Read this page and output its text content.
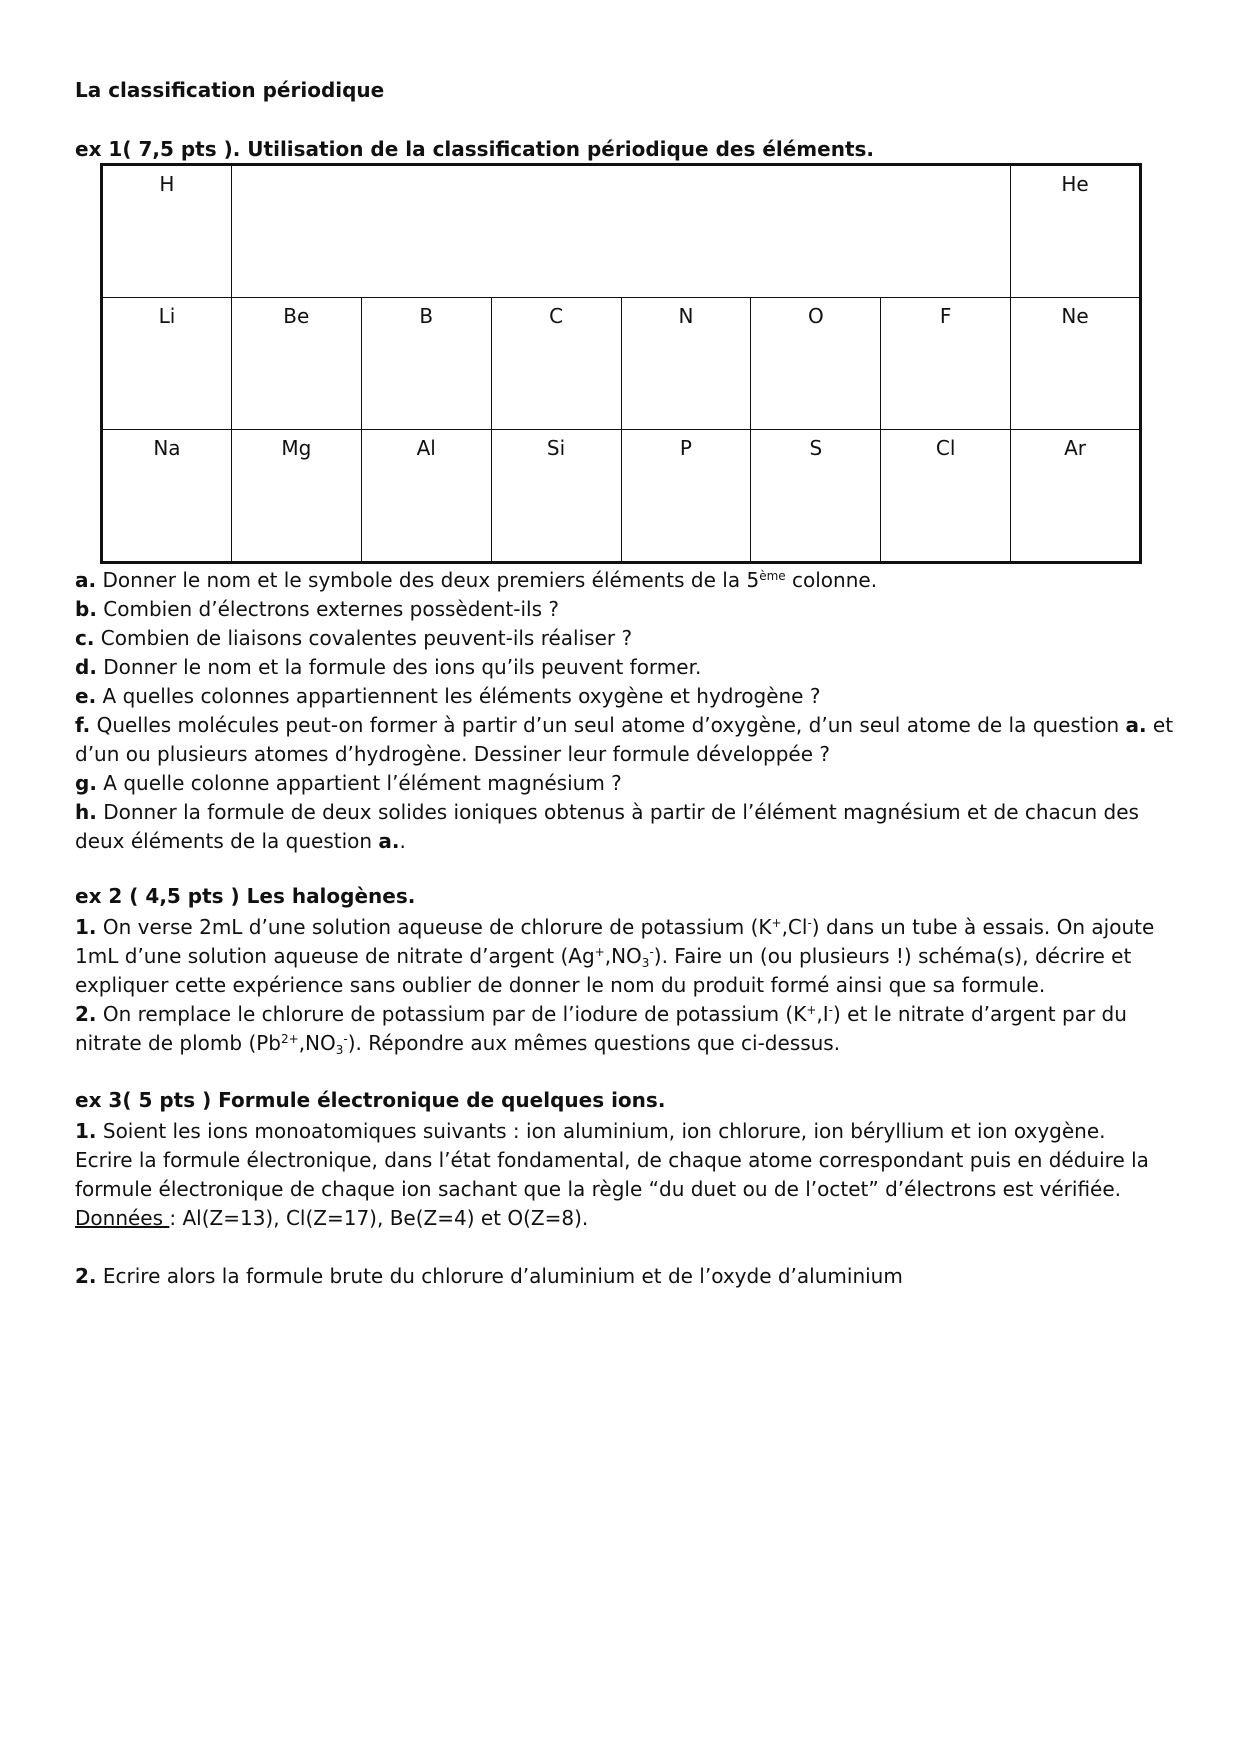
La classification périodique
ex 1( 7,5 pts ). Utilisation de la classification périodique des éléments.
H							He
Li	Be	B	C	N	O	F	Ne
Na	Mg	Al	Si	P	S	Cl	Ar

a. Donner le nom et le symbole des deux premiers éléments de la 5ème colonne.

b. Combien d’électrons externes possèdent-ils ?

c. Combien de liaisons covalentes peuvent-ils réaliser ?

d. Donner le nom et la formule des ions qu’ils peuvent former.

e. A quelles colonnes appartiennent les éléments oxygène et hydrogène ?

f. Quelles molécules peut-on former à partir d’un seul atome d’oxygène, d’un seul atome de la question a. et d’un ou plusieurs atomes d’hydrogène. Dessiner leur formule développée ?

g. A quelle colonne appartient l’élément magnésium ?

h. Donner la formule de deux solides ioniques obtenus à partir de l’élément magnésium et de chacun des deux éléments de la question a..

ex 2 ( 4,5 pts ) Les halogènes.

1. On verse 2mL d’une solution aqueuse de chlorure de potassium (K+,Cl-) dans un tube à essais. On ajoute 1mL d’une solution aqueuse de nitrate d’argent $(Ag^+,NO_3^-)$. Faire un (ou plusieurs !) schéma(s), décrire et expliquer cette expérience sans oublier de donner le nom du produit formé ainsi que sa formule.

2. On remplace le chlorure de potassium par de l’iodure de potassium (K+,I-) et le nitrate d’argent par du nitrate de plomb $(Pb^{2+},NO_3^-)$. Répondre aux mêmes questions que ci-dessus.

ex 3( 5 pts ) Formule électronique de quelques ions.

1. Soient les ions monoatomiques suivants : ion aluminium, ion chlorure, ion béryllium et ion oxygène.

Ecrire la formule électronique, dans l’état fondamental, de chaque atome correspondant puis en déduire la formule électronique de chaque ion sachant que la règle “du duet ou de l’octet” d’électrons est vérifiée.

Données : Al(Z=13), Cl(Z=17), Be(Z=4) et O(Z=8).

2. Ecrire alors la formule brute du chlorure d’aluminium et de l’oxyde d’aluminium
